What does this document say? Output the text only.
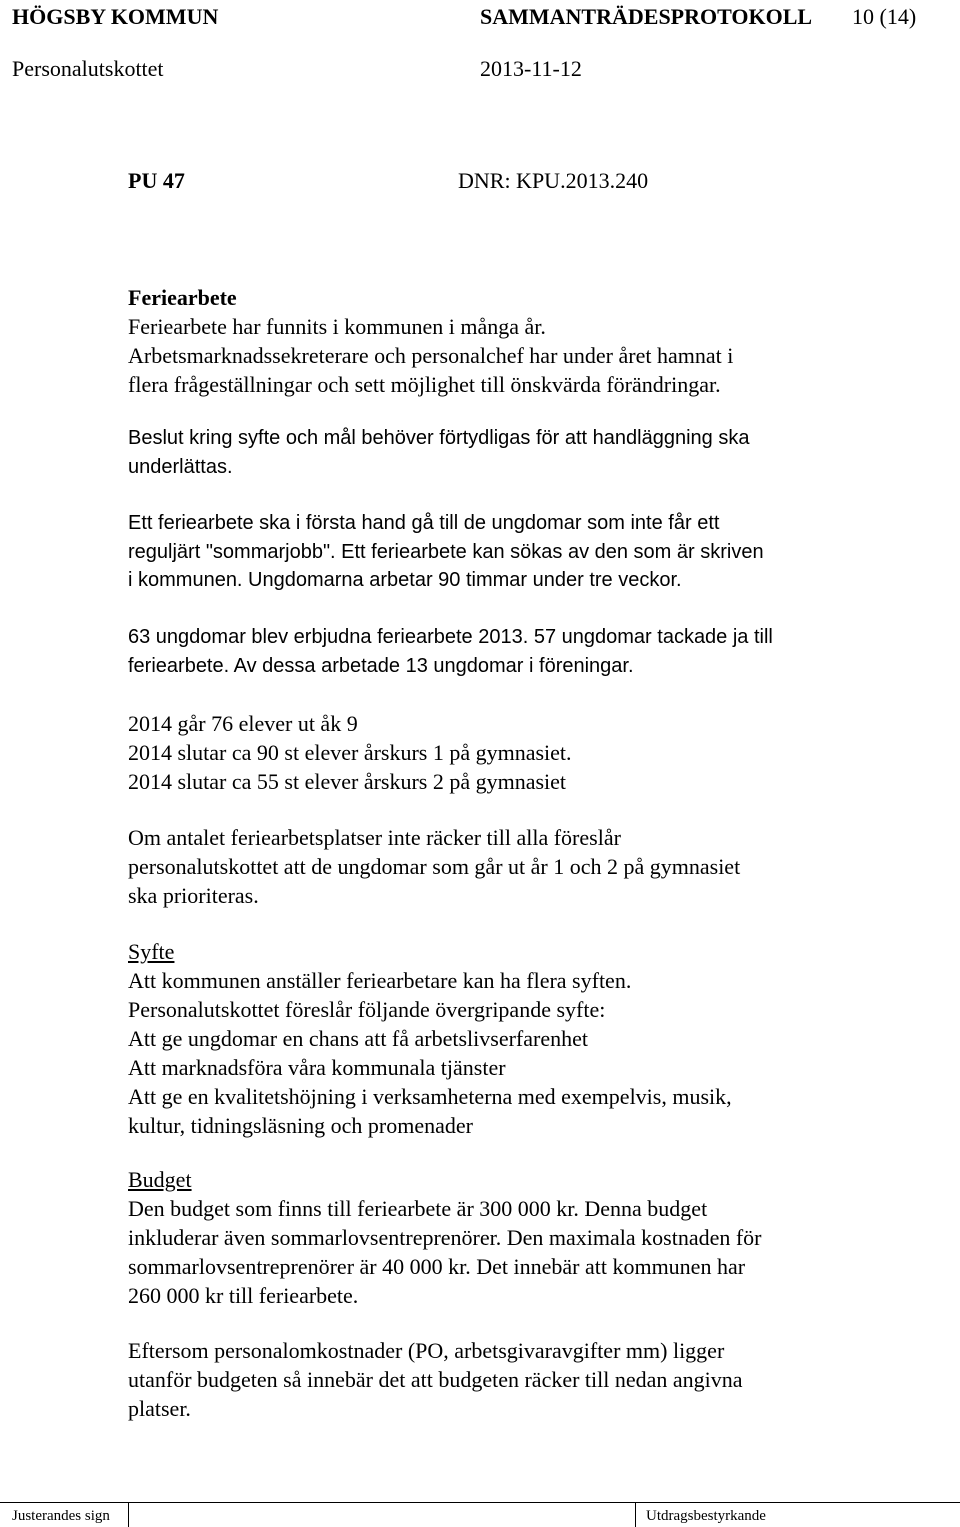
HÖGSBY KOMMUN	SAMMANTRÄDESPROTOKOLL 10 (14)
Personalutskottet	2013-11-12
PU 47	DNR: KPU.2013.240
Feriearbete
Feriearbete har funnits i kommunen i många år.
Arbetsmarknadssekreterare och personalchef har under året hamnat i
flera frågeställningar och sett möjlighet till önskvärda förändringar.
Beslut kring syfte och mål behöver förtydligas för att handläggning ska
underlättas.
Ett feriearbete ska i första hand gå till de ungdomar som inte får ett
reguljärt "sommarjobb". Ett feriearbete kan sökas av den som är skriven
i kommunen. Ungdomarna arbetar 90 timmar under tre veckor.
63 ungdomar blev erbjudna feriearbete 2013. 57 ungdomar tackade ja till
feriearbete. Av dessa arbetade 13 ungdomar i föreningar.
2014 går 76 elever ut åk 9
2014 slutar ca 90 st elever årskurs 1 på gymnasiet.
2014 slutar ca 55 st elever årskurs 2 på gymnasiet
Om antalet feriearbetsplatser inte räcker till alla föreslår
personalutskottet att de ungdomar som går ut år 1 och 2 på gymnasiet
ska prioriteras.
Syfte
Att kommunen anställer feriearbetare kan ha flera syften.
Personalutskottet föreslår följande övergripande syfte:
Att ge ungdomar en chans att få arbetslivserfarenhet
Att marknadsföra våra kommunala tjänster
Att ge en kvalitetshöjning i verksamheterna med exempelvis, musik,
kultur, tidningsläsning och promenader
Budget
Den budget som finns till feriearbete är 300 000 kr. Denna budget
inkluderar även sommarlovsentreprenörer. Den maximala kostnaden för
sommarlovsentreprenörer är 40 000 kr. Det innebär att kommunen har
260 000 kr till feriearbete.
Eftersom personalomkostnader (PO, arbetsgivaravgifter mm) ligger
utanför budgeten så innebär det att budgeten räcker till nedan angivna
platser.
Justerandes sign	Utdragsbestyrkande
